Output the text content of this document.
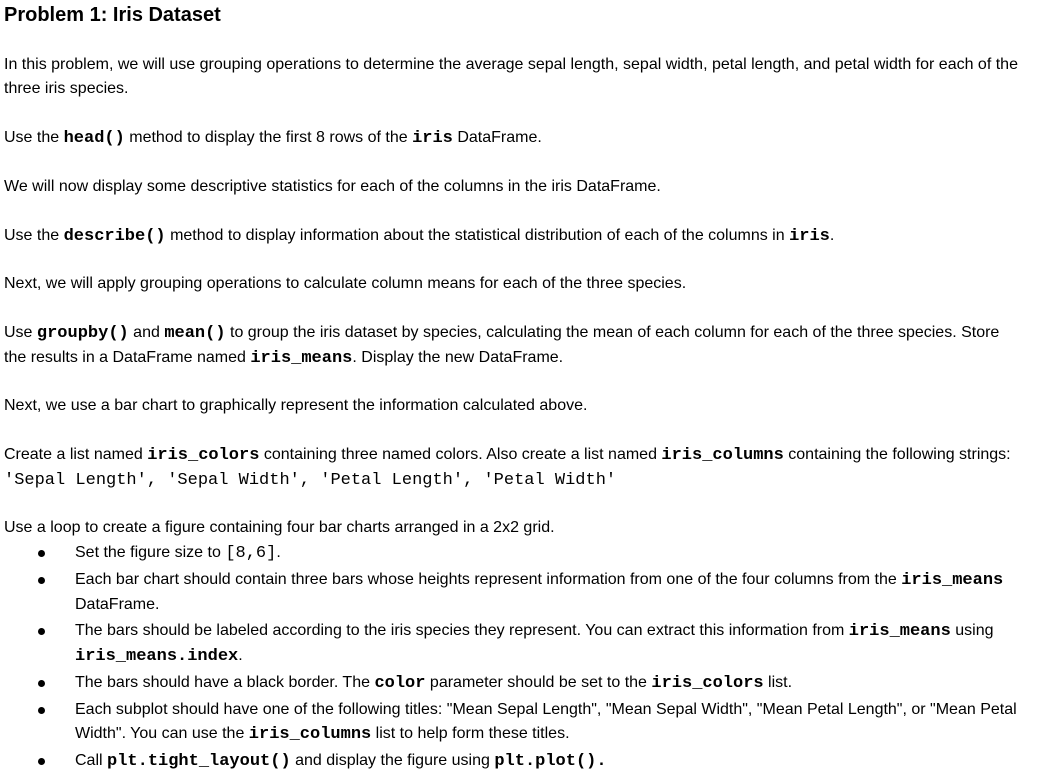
Problem 1: Iris Dataset

In this problem, we will use grouping operations to determine the average sepal length, sepal width, petal length, and petal width for each of the three iris species.

Use the head() method to display the first 8 rows of the iris DataFrame.

We will now display some descriptive statistics for each of the columns in the iris DataFrame.

Use the describe() method to display information about the statistical distribution of each of the columns in iris.

Next, we will apply grouping operations to calculate column means for each of the three species.

Use groupby() and mean() to group the iris dataset by species, calculating the mean of each column for each of the three species. Store the results in a DataFrame named iris_means. Display the new DataFrame.

Next, we use a bar chart to graphically represent the information calculated above.

Create a list named iris_colors containing three named colors. Also create a list named iris_columns containing the following strings: 'Sepal Length', 'Sepal Width', 'Petal Length', 'Petal Width'

Use a loop to create a figure containing four bar charts arranged in a 2x2 grid.

Set the figure size to [8,6].
Each bar chart should contain three bars whose heights represent information from one of the four columns from the iris_means DataFrame.
The bars should be labeled according to the iris species they represent. You can extract this information from iris_means using iris_means.index.
The bars should have a black border. The color parameter should be set to the iris_colors list.
Each subplot should have one of the following titles: "Mean Sepal Length", "Mean Sepal Width", "Mean Petal Length", or "Mean Petal Width". You can use the iris_columns list to help form these titles.
Call plt.tight_layout() and display the figure using plt.plot().
